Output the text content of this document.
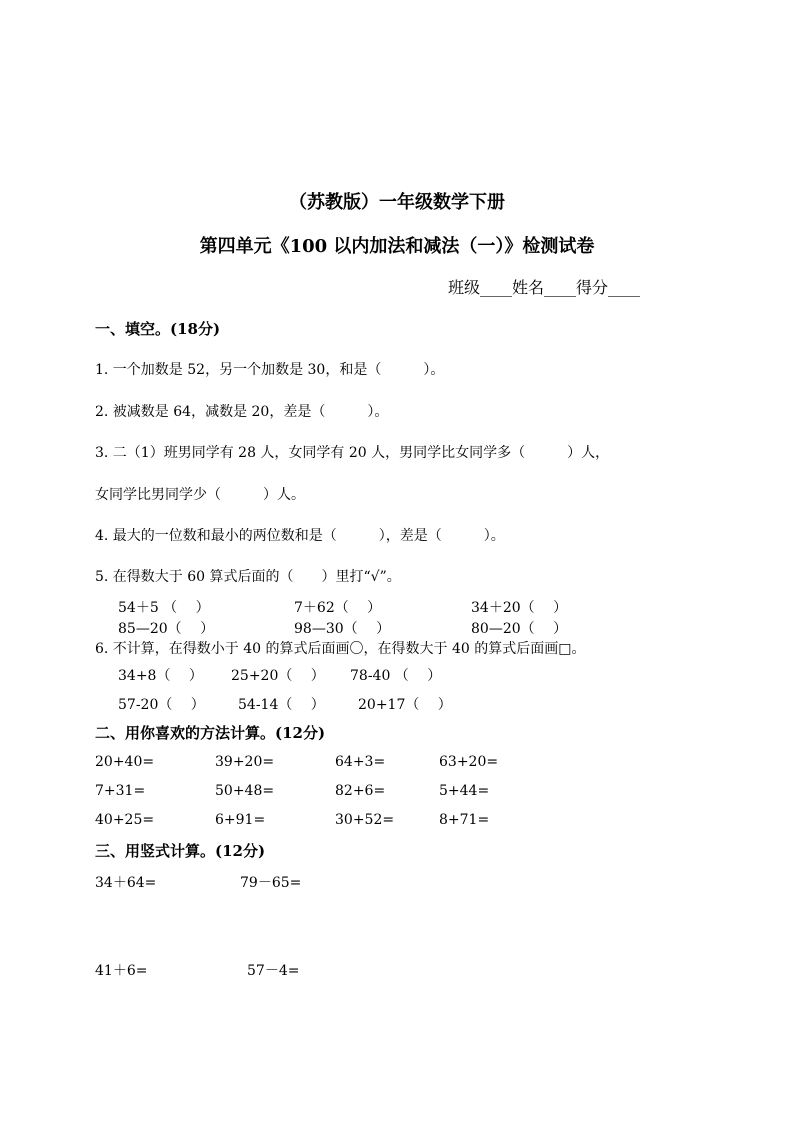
（苏教版）一年级数学下册
第四单元《100 以内加法和减法（一）》检测试卷
班级____姓名____得分____
一、填空。(18分)
1. 一个加数是 52，另一个加数是 30，和是（　　　）。
2. 被减数是 64，减数是 20，差是（　　　）。
3. 二（1）班男同学有 28 人，女同学有 20 人，男同学比女同学多（　　　）人，
女同学比男同学少（　　　）人。
4. 最大的一位数和最小的两位数和是（　　　），差是（　　　）。
5. 在得数大于 60 算式后面的（　　）里打“√”。
54＋5 （　 ）	7＋62（　 ）	34＋20（　 ）
85—20（　 ）	98—30（　 ）	80—20（　 ）
6. 不计算，在得数小于 40 的算式后面画〇，在得数大于 40 的算式后面画□。
34+8（　 ） 25+20（　 ） 78-40 （　 ）
57-20（　 ） 54-14（　 ） 20+17（　 ）
二、用你喜欢的方法计算。(12分)
20+40=	39+20=	64+3=	63+20=
7+31=	50+48=	82+6=	5+44=
40+25=	6+91=	30+52=	8+71=
三、用竖式计算。(12分)
34＋64=	79－65=
41＋6=	57－4=
